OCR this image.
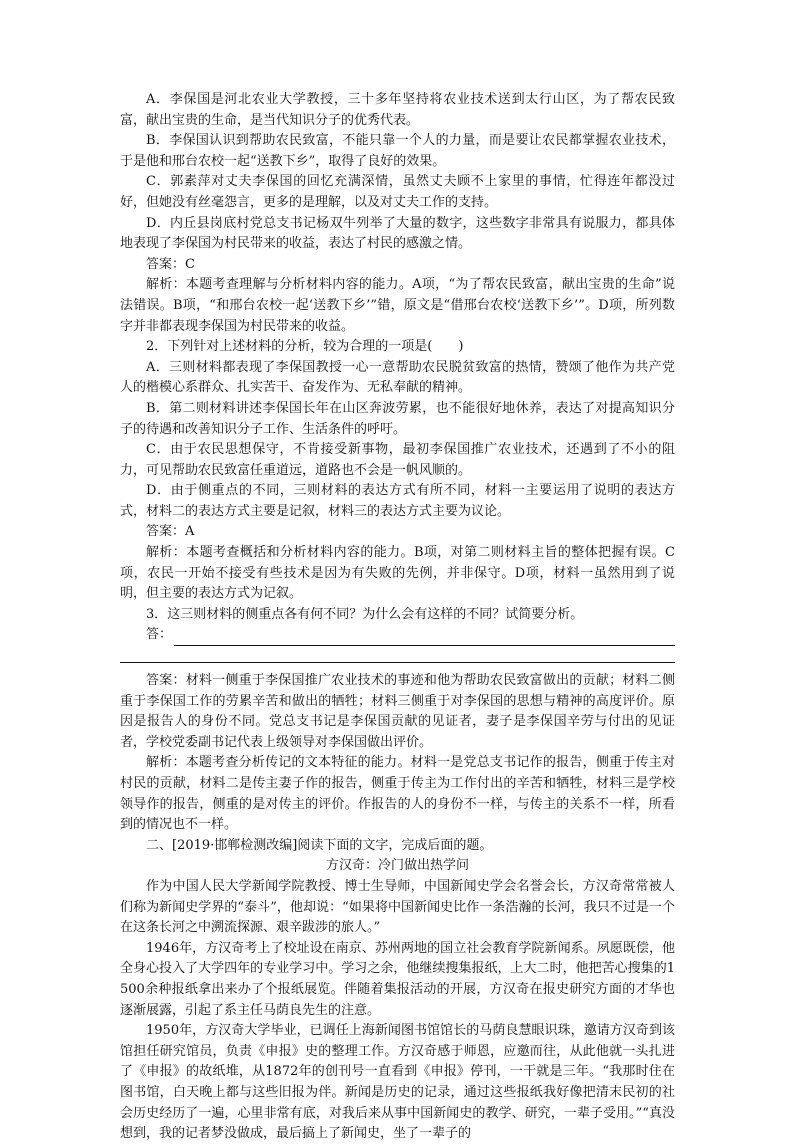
A．李保国是河北农业大学教授，三十多年坚持将农业技术送到太行山区，为了帮农民致富，献出宝贵的生命，是当代知识分子的优秀代表。

B．李保国认识到帮助农民致富，不能只靠一个人的力量，而是要让农民都掌握农业技术，于是他和邢台农校一起“送教下乡”，取得了良好的效果。

C．郭素萍对丈夫李保国的回忆充满深情，虽然丈夫顾不上家里的事情，忙得连年都没过好，但她没有丝毫怨言，更多的是理解，以及对丈夫工作的支持。

D．内丘县岗底村党总支书记杨双牛列举了大量的数字，这些数字非常具有说服力，都具体地表现了李保国为村民带来的收益，表达了村民的感激之情。

答案：C

解析：本题考查理解与分析材料内容的能力。A项，“为了帮农民致富，献出宝贵的生命”说法错误。B项，“和邢台农校一起‘送教下乡’”错，原文是“借邢台农校‘送教下乡’”。D项，所列数字并非都表现李保国为村民带来的收益。

2．下列针对上述材料的分析，较为合理的一项是(　　)

A．三则材料都表现了李保国教授一心一意帮助农民脱贫致富的热情，赞颂了他作为共产党人的楷模心系群众、扎实苦干、奋发作为、无私奉献的精神。

B．第二则材料讲述李保国长年在山区奔波劳累，也不能很好地休养，表达了对提高知识分子的待遇和改善知识分子工作、生活条件的呼吁。

C．由于农民思想保守，不肯接受新事物，最初李保国推广农业技术，还遇到了不小的阻力，可见帮助农民致富任重道远，道路也不会是一帆风顺的。

D．由于侧重点的不同，三则材料的表达方式有所不同，材料一主要运用了说明的表达方式，材料二的表达方式主要是记叙，材料三的表达方式主要为议论。

答案：A

解析：本题考查概括和分析材料内容的能力。B项，对第二则材料主旨的整体把握有误。C项，农民一开始不接受有些技术是因为有失败的先例，并非保守。D项，材料一虽然用到了说明，但主要的表达方式为记叙。

3．这三则材料的侧重点各有何不同？为什么会有这样的不同？试简要分析。

答：

答案：材料一侧重于李保国推广农业技术的事迹和他为帮助农民致富做出的贡献；材料二侧重于李保国工作的劳累辛苦和做出的牺牲；材料三侧重于对李保国的思想与精神的高度评价。原因是报告人的身份不同。党总支书记是李保国贡献的见证者，妻子是李保国辛劳与付出的见证者，学校党委副书记代表上级领导对李保国做出评价。

解析：本题考查分析传记的文本特征的能力。材料一是党总支书记作的报告，侧重于传主对村民的贡献，材料二是传主妻子作的报告，侧重于传主为工作付出的辛苦和牺牲，材料三是学校领导作的报告，侧重的是对传主的评价。作报告的人的身份不一样，与传主的关系不一样，所看到的情况也不一样。

二、[2019·邯郸检测改编]阅读下面的文字，完成后面的题。

方汉奇：冷门做出热学问

作为中国人民大学新闻学院教授、博士生导师，中国新闻史学会名誉会长，方汉奇常常被人们称为新闻史学界的“泰斗”，他却说：“如果将中国新闻史比作一条浩瀚的长河，我只不过是一个在这条长河之中溯流探源、艰辛跋涉的旅人。”

1946年，方汉奇考上了校址设在南京、苏州两地的国立社会教育学院新闻系。夙愿既偿，他全身心投入了大学四年的专业学习中。学习之余，他继续搜集报纸，上大二时，他把苦心搜集的1500余种报纸拿出来办了个报纸展览。伴随着集报活动的开展，方汉奇在报史研究方面的才华也逐渐展露，引起了系主任马荫良先生的注意。

1950年，方汉奇大学毕业，已调任上海新闻图书馆馆长的马荫良慧眼识珠，邀请方汉奇到该馆担任研究馆员，负责《申报》史的整理工作。方汉奇感于师恩，应邀而往，从此他就一头扎进了《申报》的故纸堆，从1872年的创刊号一直看到《申报》停刊，一干就是三年。“我那时住在图书馆，白天晚上都与这些旧报为伴。新闻是历史的记录，通过这些报纸我好像把清末民初的社会历史经历了一遍，心里非常有底，对我后来从事中国新闻史的教学、研究，一辈子受用。”“真没想到，我的记者梦没做成，最后搞上了新闻史，坐了一辈子的
